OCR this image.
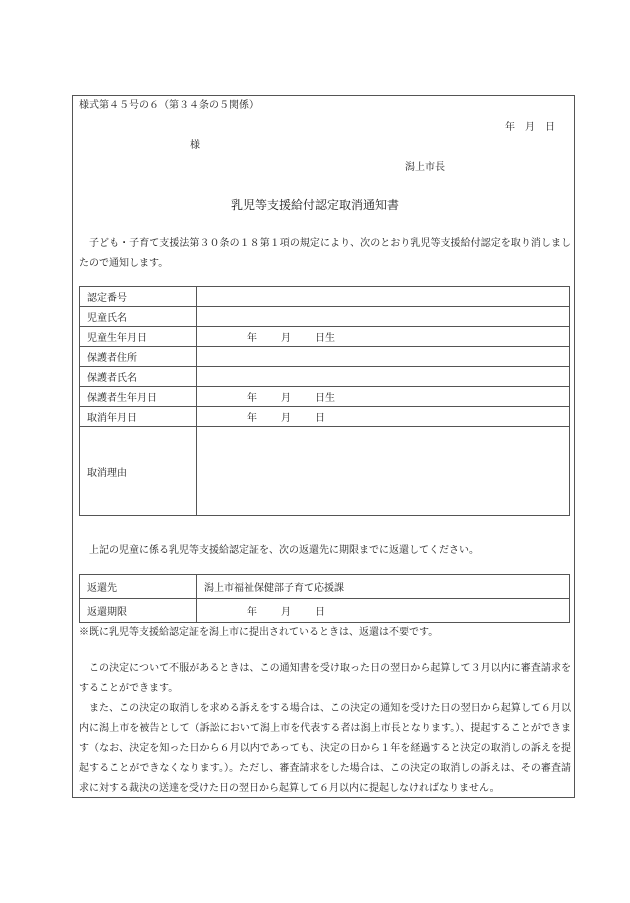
様式第４５号の６（第３４条の５関係）
年　月　日
様
潟上市長
乳児等支援給付認定取消通知書
子ども・子育て支援法第３０条の１８第１項の規定により、次のとおり乳児等支援給付認定を取り消しましたので通知します。
認定番号	
児童氏名	
児童生年月日	年 月 日生
保護者住所	
保護者氏名	
保護者生年月日	年 月 日生
取消年月日	年 月 日
取消理由	
上記の児童に係る乳児等支援給認定証を、次の返還先に期限までに返還してください。
返還先	潟上市福祉保健部子育て応援課
返還期限	年 月 日
※既に乳児等支援給認定証を潟上市に提出されているときは、返還は不要です。

この決定について不服があるときは、この通知書を受け取った日の翌日から起算して３月以内に審査請求をすることができます。

また、この決定の取消しを求める訴えをする場合は、この決定の通知を受けた日の翌日から起算して６月以内に潟上市を被告として（訴訟において潟上市を代表する者は潟上市長となります。）、提起することができます（なお、決定を知った日から６月以内であっても、決定の日から１年を経過すると決定の取消しの訴えを提起することができなくなります。）。ただし、審査請求をした場合は、この決定の取消しの訴えは、その審査請求に対する裁決の送達を受けた日の翌日から起算して６月以内に提起しなければなりません。
